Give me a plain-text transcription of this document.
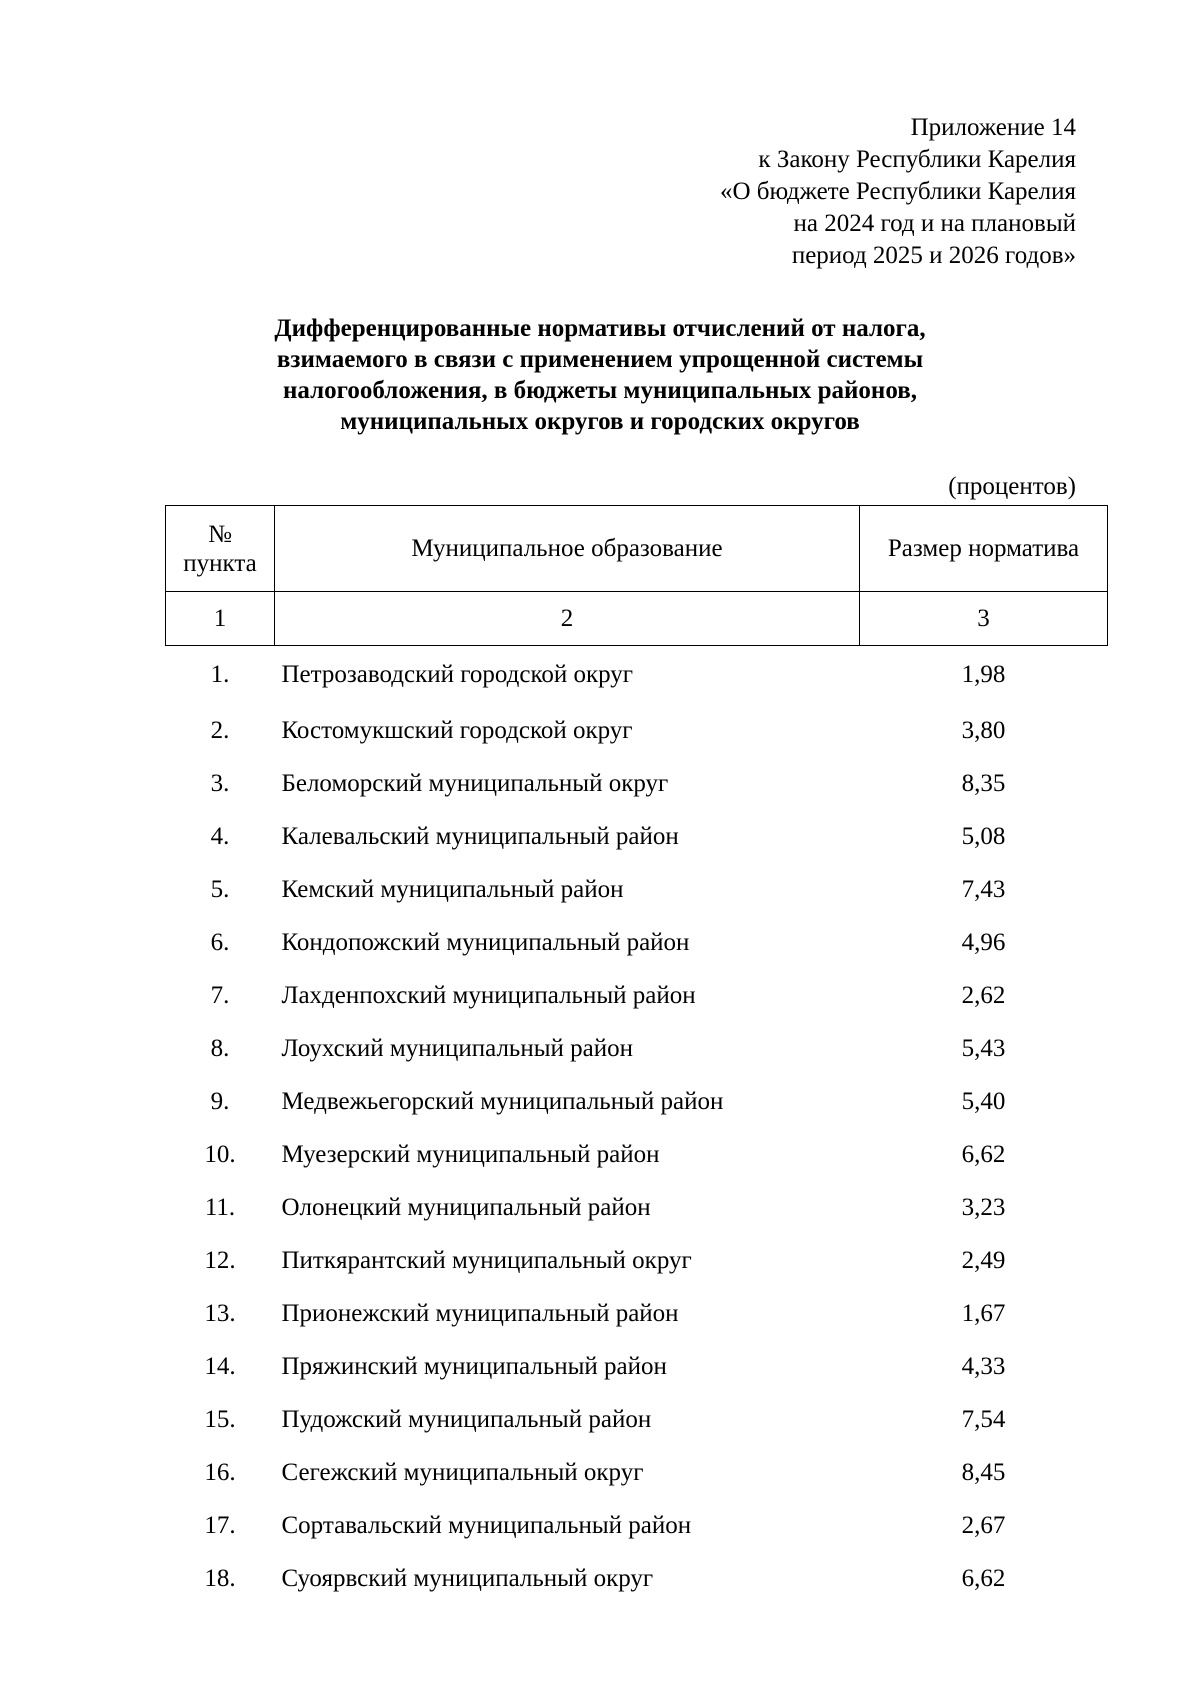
Приложение 14
к Закону Республики Карелия
«О бюджете Республики Карелия
на 2024 год и на плановый
период 2025 и 2026 годов»
Дифференцированные нормативы отчислений от налога,
взимаемого в связи с применением упрощенной системы
налогообложения, в бюджеты муниципальных районов,
муниципальных округов и городских округов
(процентов)
№
пункта	Муниципальное образование	Размер норматива
1	2	3
1.	Петрозаводский городской округ	1,98
2.	Костомукшский городской округ	3,80
3.	Беломорский муниципальный округ	8,35
4.	Калевальский муниципальный район	5,08
5.	Кемский муниципальный район	7,43
6.	Кондопожский муниципальный район	4,96
7.	Лахденпохский муниципальный район	2,62
8.	Лоухский муниципальный район	5,43
9.	Медвежьегорский муниципальный район	5,40
10.	Муезерский муниципальный район	6,62
11.	Олонецкий муниципальный район	3,23
12.	Питкярантский муниципальный округ	2,49
13.	Прионежский муниципальный район	1,67
14.	Пряжинский муниципальный район	4,33
15.	Пудожский муниципальный район	7,54
16.	Сегежский муниципальный округ	8,45
17.	Сортавальский муниципальный район	2,67
18.	Суоярвский муниципальный округ	6,62
